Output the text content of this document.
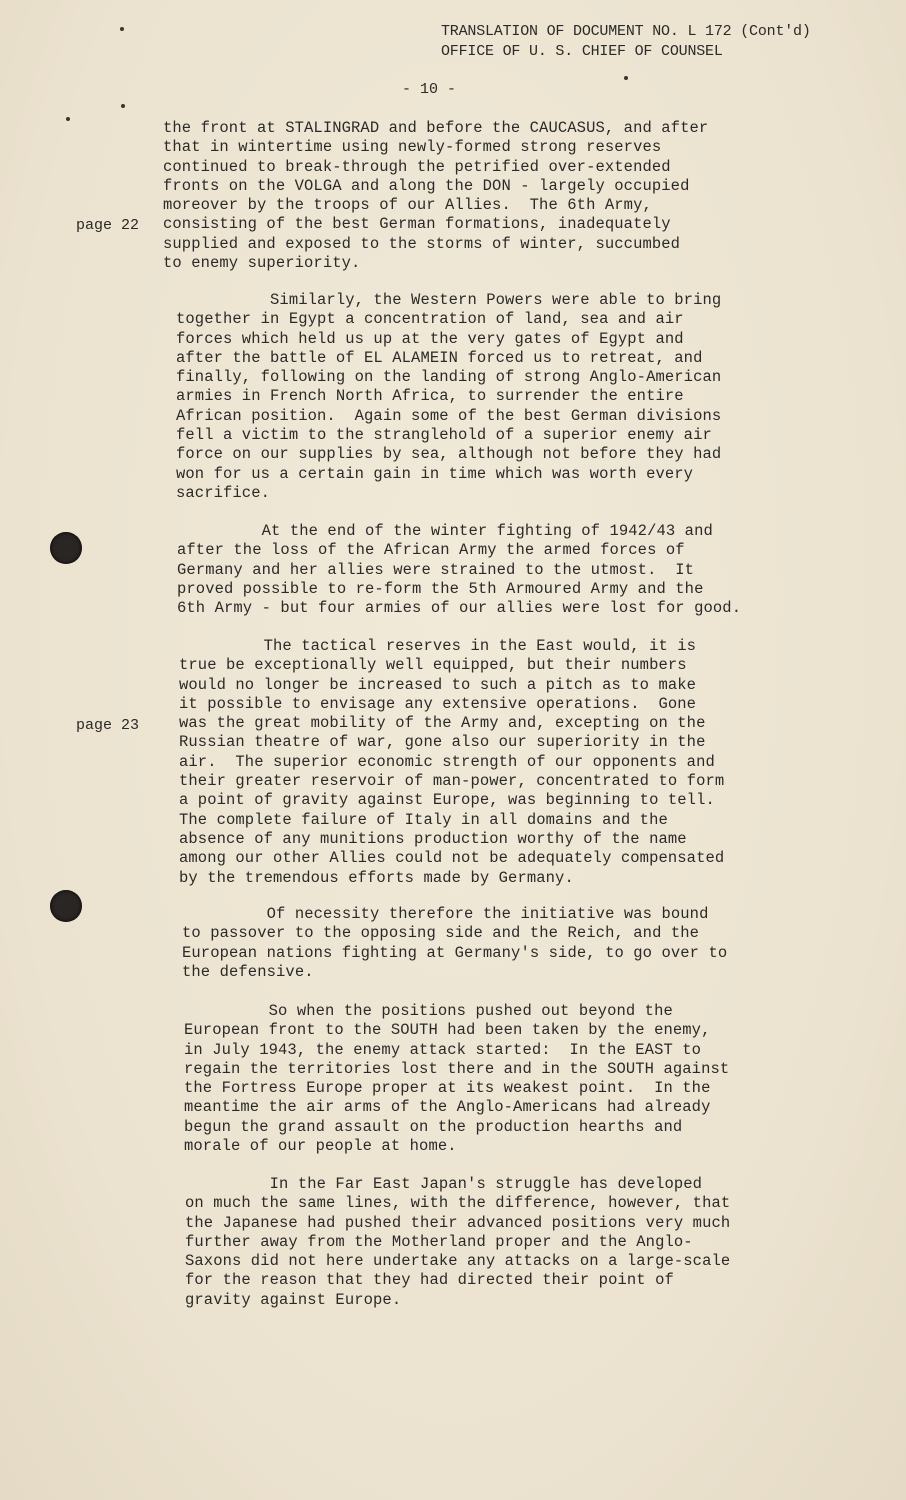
TRANSLATION OF DOCUMENT NO. L 172 (Cont'd)
OFFICE OF U. S. CHIEF OF COUNSEL
- 10 -
page 22
page 23
the front at STALINGRAD and before the CAUCASUS, and after
that in wintertime using newly-formed strong reserves
continued to break-through the petrified over-extended
fronts on the VOLGA and along the DON - largely occupied
moreover by the troops of our Allies.  The 6th Army,
consisting of the best German formations, inadequately
supplied and exposed to the storms of winter, succumbed
to enemy superiority.
Similarly, the Western Powers were able to bring
together in Egypt a concentration of land, sea and air
forces which held us up at the very gates of Egypt and
after the battle of EL ALAMEIN forced us to retreat, and
finally, following on the landing of strong Anglo-American
armies in French North Africa, to surrender the entire
African position.  Again some of the best German divisions
fell a victim to the stranglehold of a superior enemy air
force on our supplies by sea, although not before they had
won for us a certain gain in time which was worth every
sacrifice.
At the end of the winter fighting of 1942/43 and
after the loss of the African Army the armed forces of
Germany and her allies were strained to the utmost.  It
proved possible to re-form the 5th Armoured Army and the
6th Army - but four armies of our allies were lost for good.
The tactical reserves in the East would, it is
true be exceptionally well equipped, but their numbers
would no longer be increased to such a pitch as to make
it possible to envisage any extensive operations.  Gone
was the great mobility of the Army and, excepting on the
Russian theatre of war, gone also our superiority in the
air.  The superior economic strength of our opponents and
their greater reservoir of man-power, concentrated to form
a point of gravity against Europe, was beginning to tell.
The complete failure of Italy in all domains and the
absence of any munitions production worthy of the name
among our other Allies could not be adequately compensated
by the tremendous efforts made by Germany.
Of necessity therefore the initiative was bound
to passover to the opposing side and the Reich, and the
European nations fighting at Germany's side, to go over to
the defensive.
So when the positions pushed out beyond the
European front to the SOUTH had been taken by the enemy,
in July 1943, the enemy attack started:  In the EAST to
regain the territories lost there and in the SOUTH against
the Fortress Europe proper at its weakest point.  In the
meantime the air arms of the Anglo-Americans had already
begun the grand assault on the production hearths and
morale of our people at home.
In the Far East Japan's struggle has developed
on much the same lines, with the difference, however, that
the Japanese had pushed their advanced positions very much
further away from the Motherland proper and the Anglo-
Saxons did not here undertake any attacks on a large-scale
for the reason that they had directed their point of
gravity against Europe.
